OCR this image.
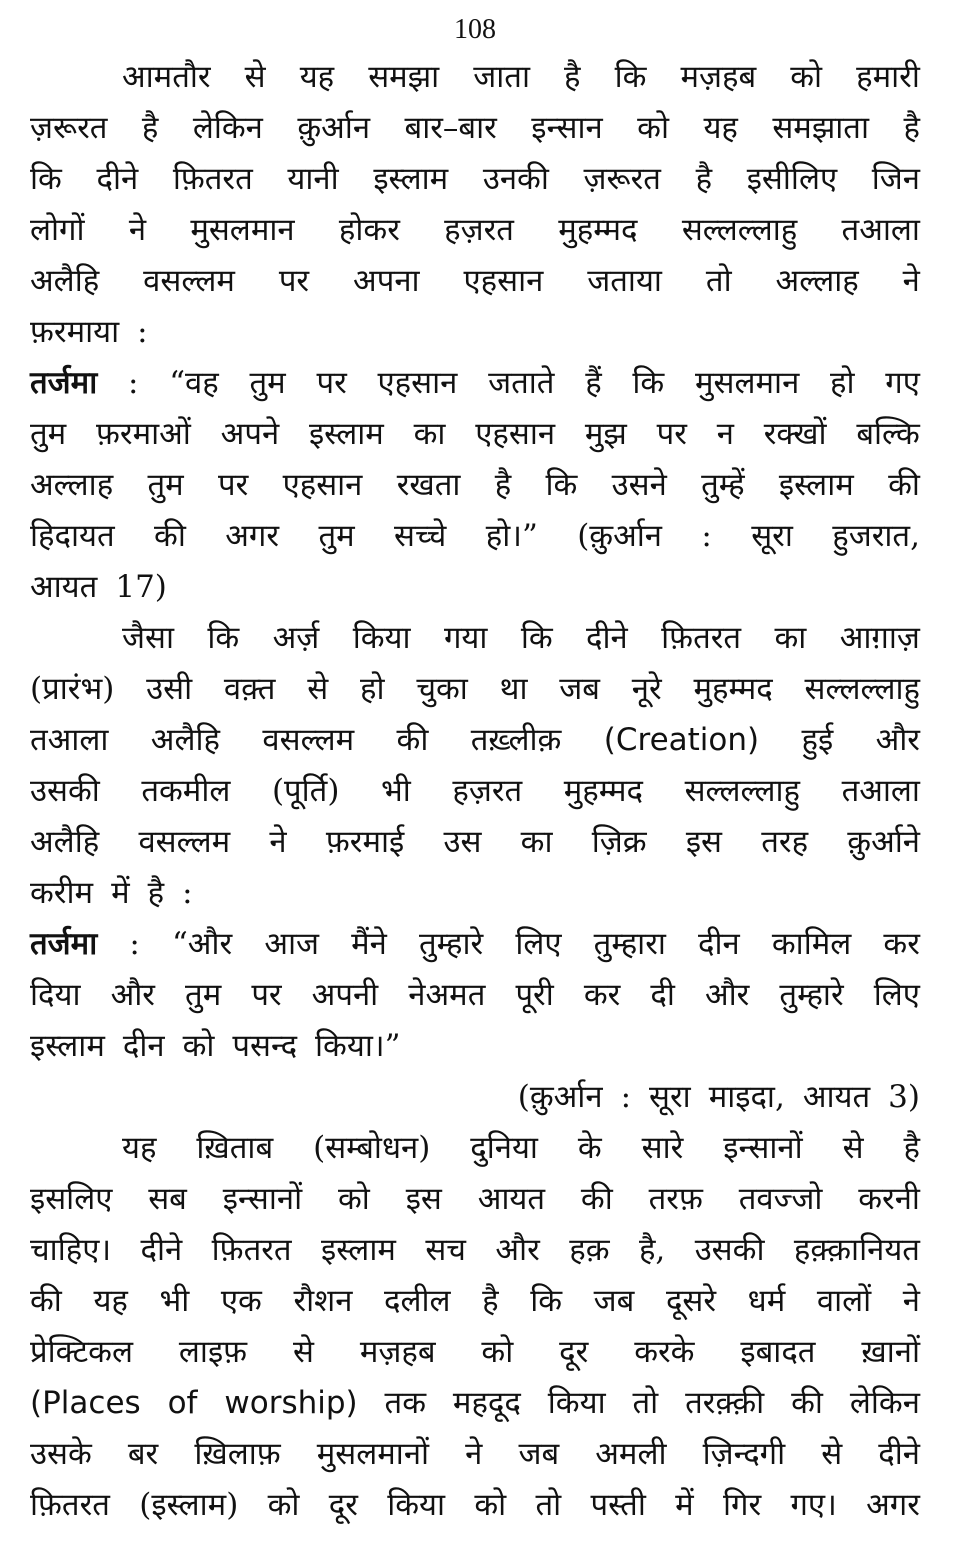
108
आमतौर से यह समझा जाता है कि मज़हब को हमारी
ज़रूरत है लेकिन क़ुर्आन बार–बार इन्सान को यह समझाता है
कि दीने फ़ितरत यानी इस्लाम उनकी ज़रूरत है इसीलिए जिन
लोगों ने मुसलमान होकर हज़रत मुहम्मद सल्लल्लाहु तआला
अलैहि वसल्लम पर अपना एहसान जताया तो अल्लाह ने
फ़रमाया :
तर्जमा : “वह तुम पर एहसान जताते हैं कि मुसलमान हो गए
तुम फ़रमाओं अपने इस्लाम का एहसान मुझ पर न रक्खों बल्कि
अल्लाह तुम पर एहसान रखता है कि उसने तुम्हें इस्लाम की
हिदायत की अगर तुम सच्चे हो।” (क़ुर्आन : सूरा हुजरात,
आयत 17)
जैसा कि अर्ज़ किया गया कि दीने फ़ितरत का आग़ाज़
(प्रारंभ) उसी वक़्त से हो चुका था जब नूरे मुहम्मद सल्लल्लाहु
तआला अलैहि वसल्लम की तख़्लीक़ (Creation) हुई और
उसकी तकमील (पूर्ति) भी हज़रत मुहम्मद सल्लल्लाहु तआला
अलैहि वसल्लम ने फ़रमाई उस का ज़िक्र इस तरह क़ुर्आने
करीम में है :
तर्जमा : “और आज मैंने तुम्हारे लिए तुम्हारा दीन कामिल कर
दिया और तुम पर अपनी नेअमत पूरी कर दी और तुम्हारे लिए
इस्लाम दीन को पसन्द किया।”
(क़ुर्आन : सूरा माइदा, आयत 3)
यह ख़िताब (सम्बोधन) दुनिया के सारे इन्सानों से है
इसलिए सब इन्सानों को इस आयत की तरफ़ तवज्जो करनी
चाहिए। दीने फ़ितरत इस्लाम सच और हक़ है, उसकी हक़्क़ानियत
की यह भी एक रौशन दलील है कि जब दूसरे धर्म वालों ने
प्रेक्टिकल लाइफ़ से मज़हब को दूर करके इबादत ख़ानों
(Places of worship) तक महदूद किया तो तरक़्क़ी की लेकिन
उसके बर ख़िलाफ़ मुसलमानों ने जब अमली ज़िन्दगी से दीने
फ़ितरत (इस्लाम) को दूर किया को तो पस्ती में गिर गए। अगर
